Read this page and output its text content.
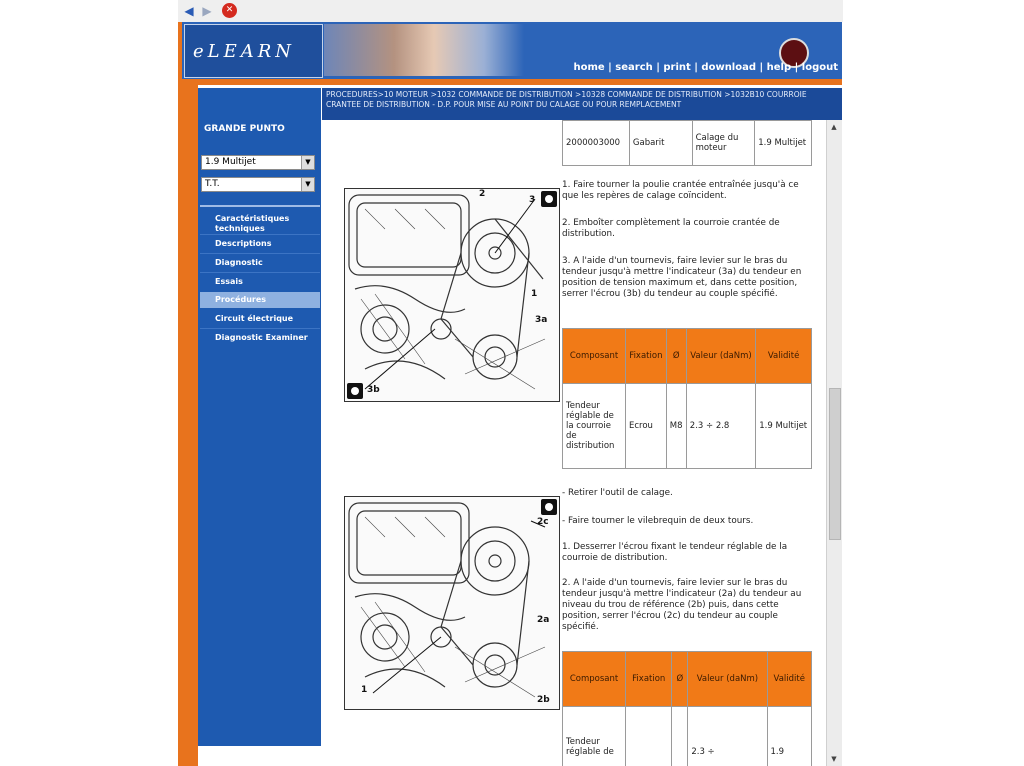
◀ ▶	✕
eLEARN
home | search | print | download | help | logout
PROCEDURES>10 MOTEUR >1032 COMMANDE DE DISTRIBUTION >10328 COMMANDE DE DISTRIBUTION >1032B10 COURROIE CRANTEE DE DISTRIBUTION - D.P. POUR MISE AU POINT DU CALAGE OU POUR REMPLACEMENT
GRANDE PUNTO
1.9 Multijet	▼
T.T.	▼
Caractéristiques techniques
Descriptions
Diagnostic
Essais
Procédures
Circuit électrique
Diagnostic Examiner
2000003000	Gabarit	Calage du moteur	1.9 Multijet
1
2
3
3a
3b
1. Faire tourner la poulie crantée entraînée jusqu'à ce que les repères de calage coïncident.
2. Emboîter complètement la courroie crantée de distribution.
3. A l'aide d'un tournevis, faire levier sur le bras du tendeur jusqu'à mettre l'indicateur (3a) du tendeur en position de tension maximum et, dans cette position, serrer l'écrou (3b) du tendeur au couple spécifié.
Composant	Fixation	Ø	Valeur (daNm)	Validité
Tendeur réglable de la courroie de distribution	Ecrou	M8	2.3 ÷ 2.8	1.9 Multijet
2c
2a
1
2b
- Retirer l'outil de calage.
- Faire tourner le vilebrequin de deux tours.
1. Desserrer l'écrou fixant le tendeur réglable de la courroie de distribution.
2. A l'aide d'un tournevis, faire levier sur le bras du tendeur jusqu'à mettre l'indicateur (2a) du tendeur au niveau du trou de référence (2b) puis, dans cette position, serrer l'écrou (2c) du tendeur au couple spécifié.
Composant	Fixation	Ø	Valeur (daNm)	Validité
Tendeur réglable de			2.3 ÷	1.9
▲
▼
